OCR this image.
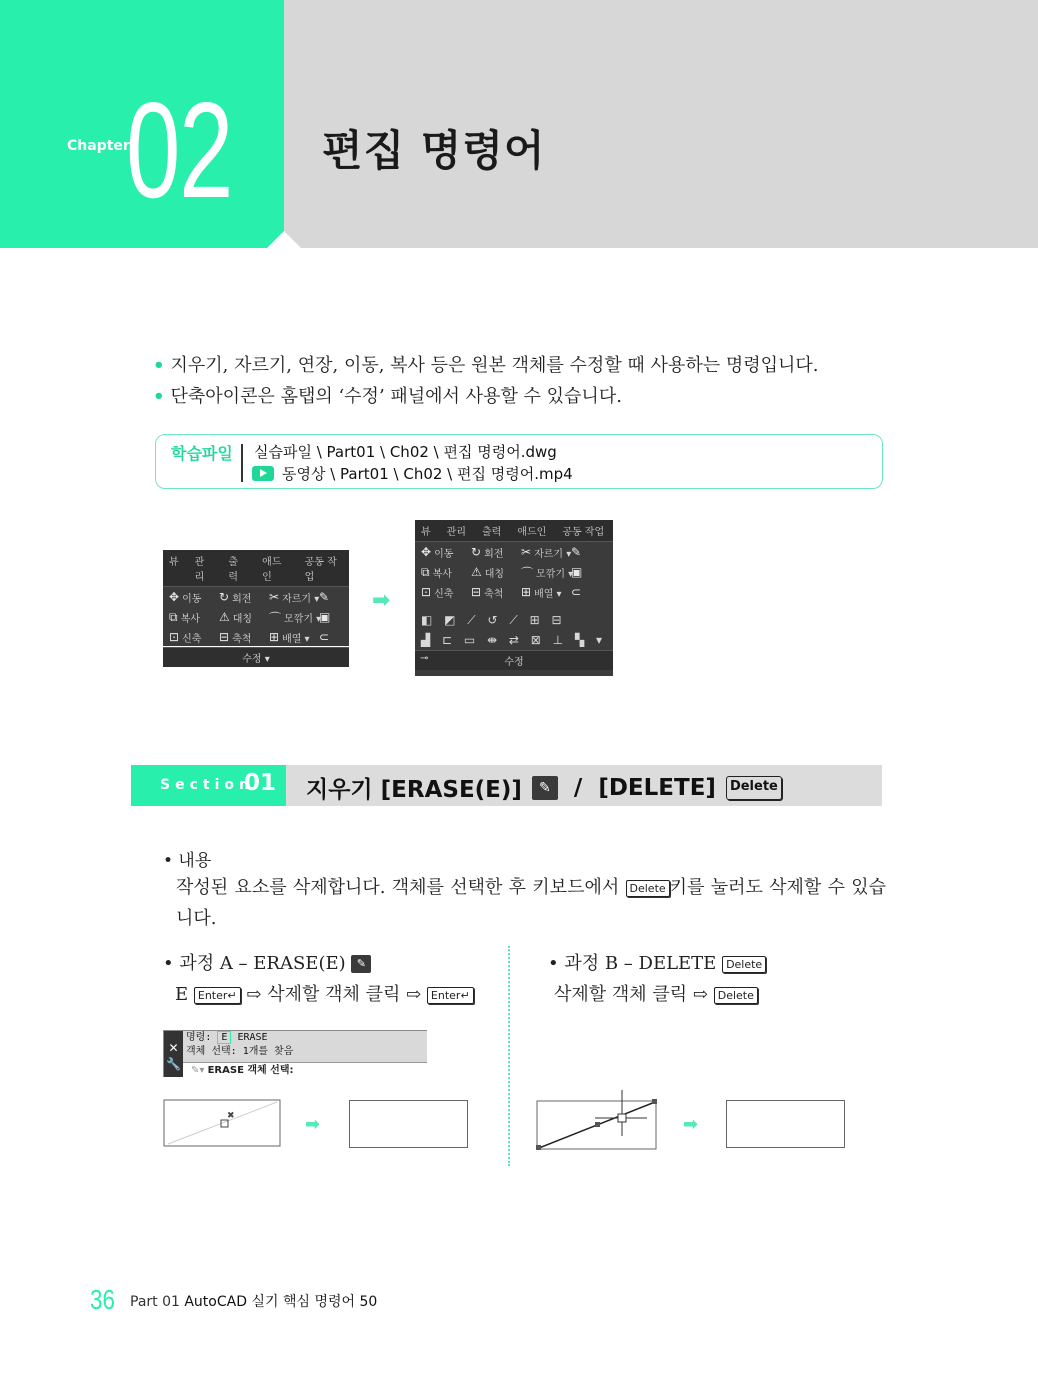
Chapter
02 편집 명령어
• 지우기, 자르기, 연장, 이동, 복사 등은 원본 객체를 수정할 때 사용하는 명령입니다.
• 단축아이콘은 홈탭의 ‘수정’ 패널에서 사용할 수 있습니다.
학습파일 실습파일 \ Part01 \ Ch02 \ 편집 명령어.dwg
동영상 \ Part01 \ Ch02 \ 편집 명령어.mp4
뷰 관리
출력
애드인
공동 작업
✥ 이동 ↻ 회전 ✂ 자르기 ▾ ✎
⧉ 복사 ⚠ 대칭 ⌒ 모깎기 ▾
▣
⊡ 신축 ⊟ 축척 ⊞ 배열 ▾ ⊂
수정 ▾
➡
뷰 관리 출력 애드인 공동 작업
✥ 이동 ↻ 회전 ✂ 자르기 ▾ ✎
⧉ 복사 ⚠ 대칭 ⌒ 모깎기 ▾
▣
⊡ 신축 ⊟ 축척 ⊞ 배열 ▾ ⊂
◧ ◩ ⟋ ↺ ⟋ ⊞ ⊟
▟ ⊏ ▭ ⇼ ⇄ ⊠ ⊥ ▚ ▾
⊸	수정
Section
01 지우기 [ERASE(E)]	✎	/ [DELETE]	Delete
• 내용
작성된 요소를 삭제합니다. 객체를 선택한 후 키보드에서 Delete 키를 눌러도 삭제할 수 있습니다.
• 과정 A – ERASE(E) ✎
E Enter↵ ⇨ 삭제할 객체 클릭 ⇨ Enter↵
• 과정 B – DELETE Delete
삭제할 객체 클릭 ⇨ Delete
✕
🔧
명령: E ERASE
객체 선택: 1개를 찾음
✎▾ ERASE 객체 선택:
✖	➡	➡
36 Part 01 AutoCAD 실기 핵심 명령어 50
